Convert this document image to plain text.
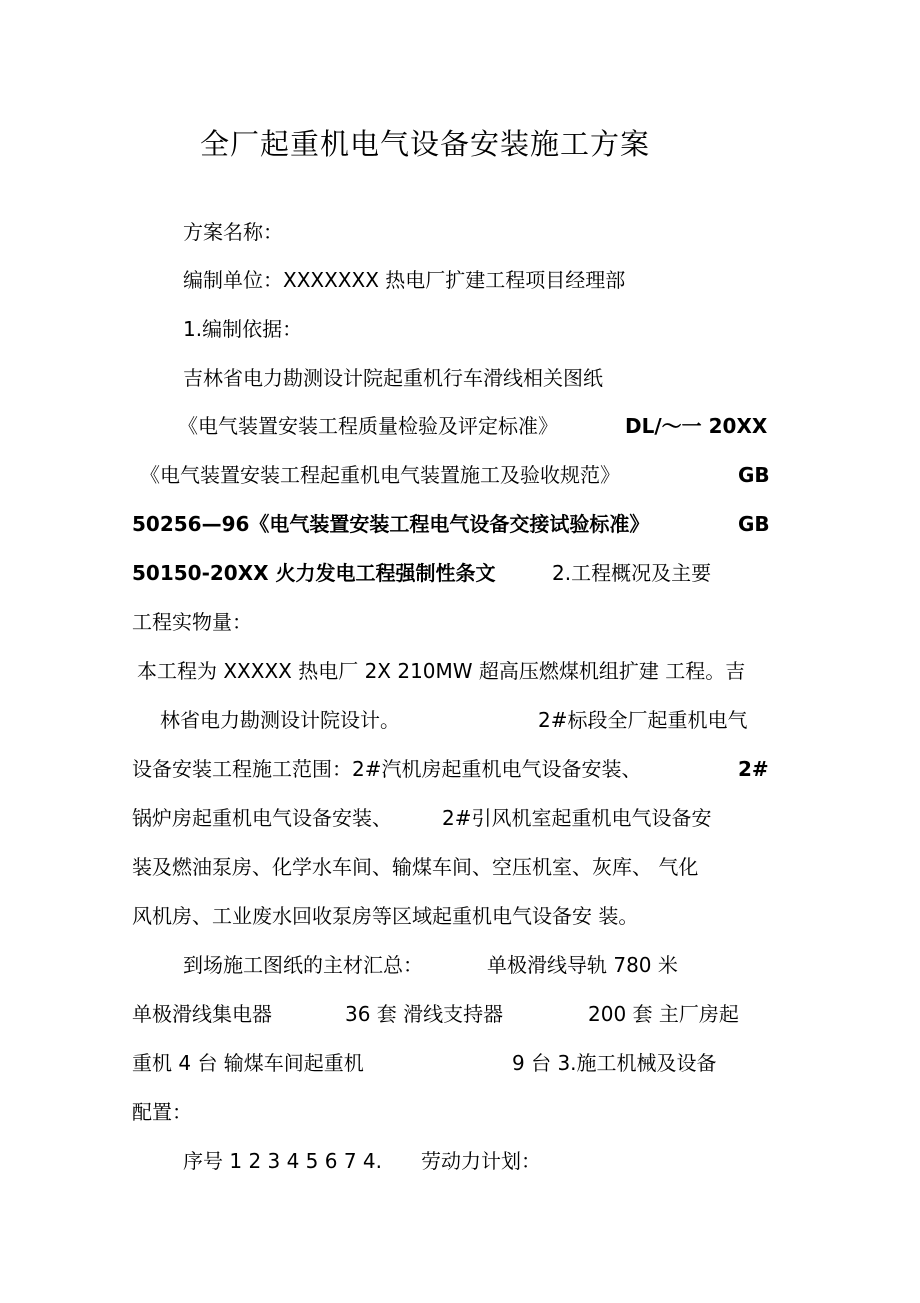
全厂起重机电气设备安装施工方案
方案名称：
编制单位：XXXXXXX 热电厂扩建工程项目经理部
1.编制依据：
吉林省电力勘测设计院起重机行车滑线相关图纸
《电气装置安装工程质量检验及评定标准》	DL/～一 20XX
《电气装置安装工程起重机电气装置施工及验收规范》	GB
50256—96《电气装置安装工程电气设备交接试验标准》	GB
50150-20XX 火力发电工程强制性条文	2.工程概况及主要
工程实物量：
本工程为 XXXXX 热电厂 2X 210MW 超高压燃煤机组扩建 工程。吉
林省电力勘测设计院设计。	2#标段全厂起重机电气
设备安装工程施工范围：2#汽机房起重机电气设备安装、	2#
锅炉房起重机电气设备安装、	2#引风机室起重机电气设备安
装及燃油泵房、化学水车间、输煤车间、空压机室、灰库、 气化
风机房、工业废水回收泵房等区域起重机电气设备安 装。
到场施工图纸的主材汇总：	单极滑线导轨 780 米
单极滑线集电器	36 套 滑线支持器	200 套 主厂房起
重机 4 台 输煤车间起重机	9 台 3.施工机械及设备
配置：
序号 1 2 3 4 5 6 7 4. 劳动力计划：
